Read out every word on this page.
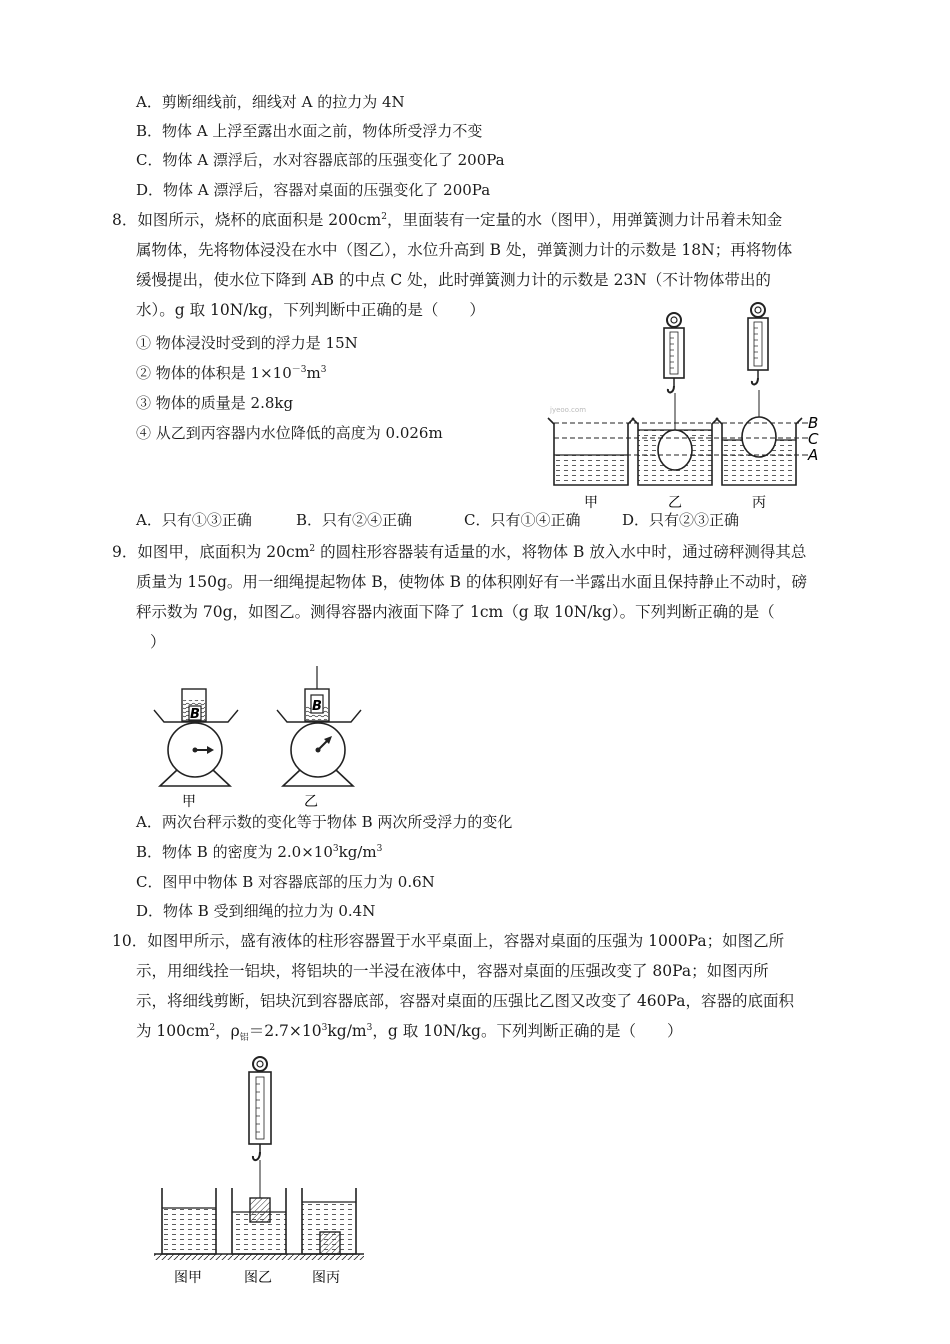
A．剪断细线前，细线对 A 的拉力为 4N
B．物体 A 上浮至露出水面之前，物体所受浮力不变
C．物体 A 漂浮后，水对容器底部的压强变化了 200Pa
D．物体 A 漂浮后，容器对桌面的压强变化了 200Pa
8．如图所示，烧杯的底面积是 $200cm^2$，里面装有一定量的水（图甲），用弹簧测力计吊着未知金
属物体，先将物体浸没在水中（图乙），水位升高到 B 处，弹簧测力计的示数是 18N；再将物体
缓慢提出，使水位下降到 AB 的中点 C 处，此时弹簧测力计的示数是 23N（不计物体带出的
水）。g 取 10N/kg，下列判断中正确的是（　　）
① 物体浸没时受到的浮力是 15N
② 物体的体积是 $1\times 10^{-3}m^3$
③ 物体的质量是 2.8kg
④ 从乙到丙容器内水位降低的高度为 0.026m
B
C
A
jyeoo.com
甲	乙	丙
A．只有①③正确	B．只有②④正确	C．只有①④正确	D．只有②③正确
9．如图甲，底面积为 $20cm^2$ 的圆柱形容器装有适量的水，将物体 B 放入水中时，通过磅秤测得其总
质量为 150g。用一细绳提起物体 B，使物体 B 的体积刚好有一半露出水面且保持静止不动时，磅
秤示数为 70g，如图乙。测得容器内液面下降了 1cm（g 取 10N/kg）。下列判断正确的是（
）
B
B
甲	乙
A．两次台秤示数的变化等于物体 B 两次所受浮力的变化
B．物体 B 的密度为 $2.0\times 10^3kg/m^3$
C．图甲中物体 B 对容器底部的压力为 0.6N
D．物体 B 受到细绳的拉力为 0.4N
10．如图甲所示，盛有液体的柱形容器置于水平桌面上，容器对桌面的压强为 1000Pa；如图乙所
示，用细线拴一铝块，将铝块的一半浸在液体中，容器对桌面的压强改变了 80Pa；如图丙所
示，将细线剪断，铝块沉到容器底部，容器对桌面的压强比乙图又改变了 460Pa，容器的底面积
为 $100cm^2$，$\rho_铝=2.7\times 10^3kg/m^3$，g 取 10N/kg。下列判断正确的是（　　）
图甲	图乙	图丙
